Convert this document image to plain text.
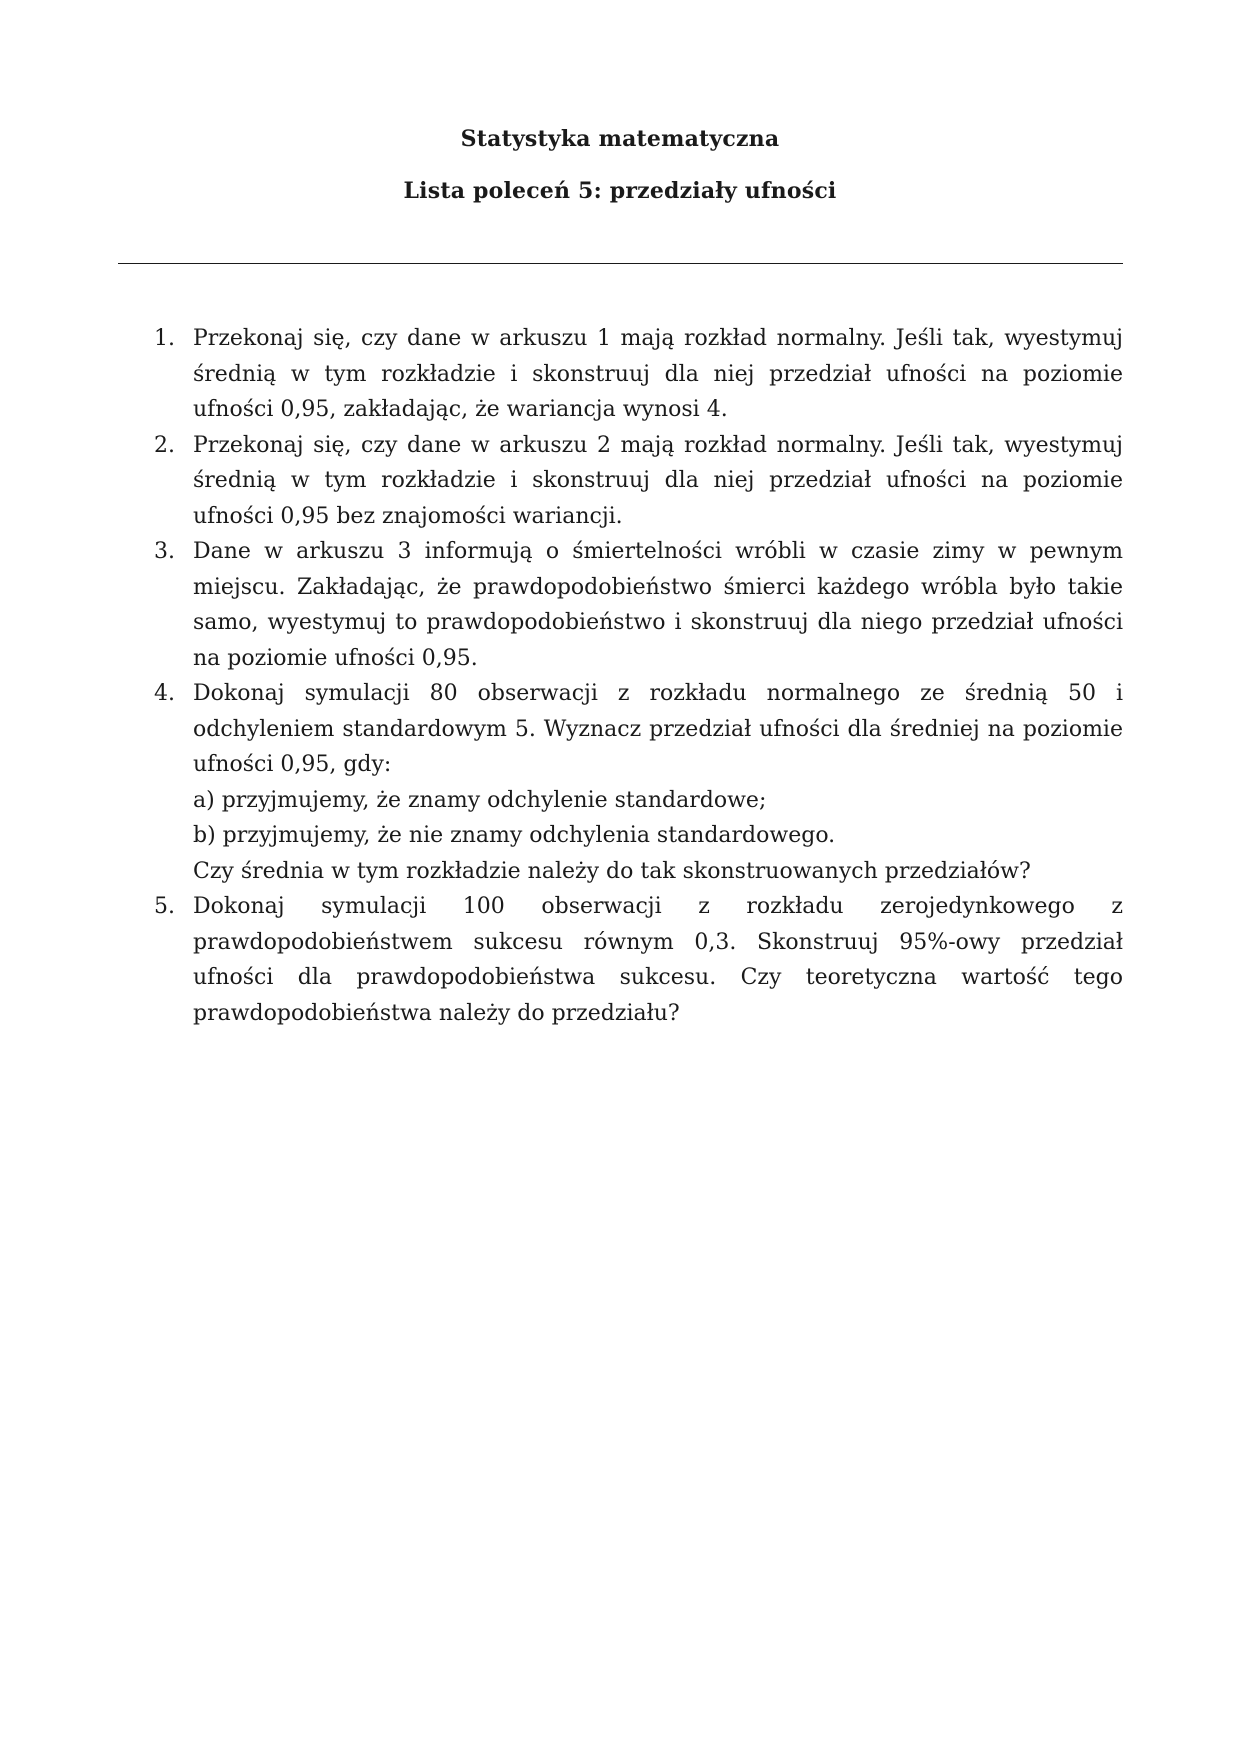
Statystyka matematyczna
Lista poleceń 5: przedziały ufności
1. Przekonaj się, czy dane w arkuszu 1 mają rozkład normalny. Jeśli tak, wyestymuj średnią w tym rozkładzie i skonstruuj dla niej przedział ufności na poziomie ufności 0,95, zakładając, że wariancja wynosi 4.
2. Przekonaj się, czy dane w arkuszu 2 mają rozkład normalny. Jeśli tak, wyestymuj średnią w tym rozkładzie i skonstruuj dla niej przedział ufności na poziomie ufności 0,95 bez znajomości wariancji.
3. Dane w arkuszu 3 informują o śmiertelności wróbli w czasie zimy w pewnym miejscu. Zakładając, że prawdopodobieństwo śmierci każdego wróbla było takie samo, wyestymuj to prawdopodobieństwo i skonstruuj dla niego przedział ufności na poziomie ufności 0,95.
4. Dokonaj symulacji 80 obserwacji z rozkładu normalnego ze średnią 50 i odchyleniem standardowym 5. Wyznacz przedział ufności dla średniej na poziomie ufności 0,95, gdy:
a) przyjmujemy, że znamy odchylenie standardowe;
b) przyjmujemy, że nie znamy odchylenia standardowego.
Czy średnia w tym rozkładzie należy do tak skonstruowanych przedziałów?
5. Dokonaj symulacji 100 obserwacji z rozkładu zerojedynkowego z prawdopodobieństwem sukcesu równym 0,3. Skonstruuj 95%-owy przedział ufności dla prawdopodobieństwa sukcesu. Czy teoretyczna wartość tego prawdopodobieństwa należy do przedziału?
